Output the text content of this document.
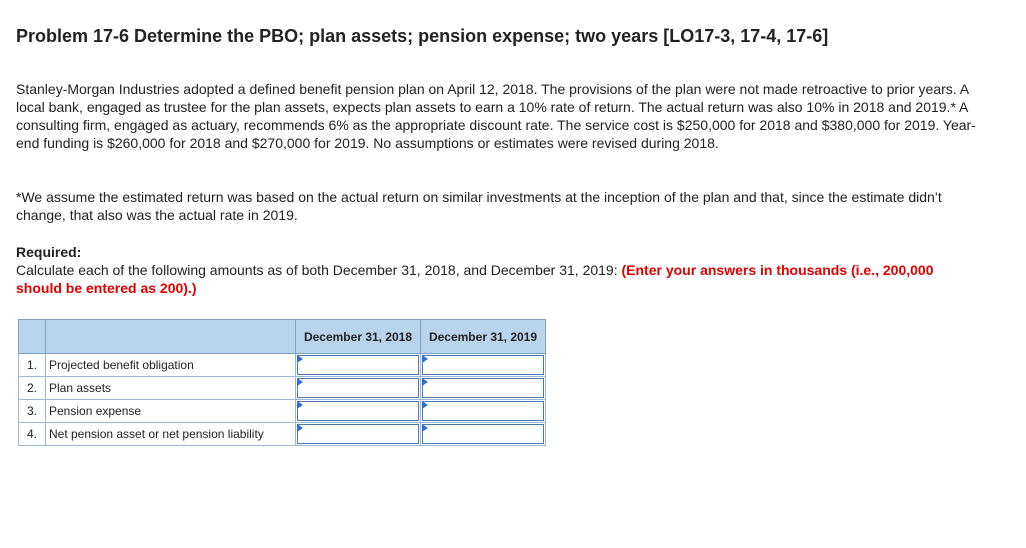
Problem 17-6 Determine the PBO; plan assets; pension expense; two years [LO17-3, 17-4, 17-6]

Stanley-Morgan Industries adopted a defined benefit pension plan on April 12, 2018. The provisions of the plan were not made retroactive to prior years. A local bank, engaged as trustee for the plan assets, expects plan assets to earn a 10% rate of return. The actual return was also 10% in 2018 and 2019.* A consulting firm, engaged as actuary, recommends 6% as the appropriate discount rate. The service cost is $250,000 for 2018 and $380,000 for 2019. Year-end funding is $260,000 for 2018 and $270,000 for 2019. No assumptions or estimates were revised during 2018.

*We assume the estimated return was based on the actual return on similar investments at the inception of the plan and that, since the estimate didn’t change, that also was the actual rate in 2019.

Required:
Calculate each of the following amounts as of both December 31, 2018, and December 31, 2019: (Enter your answers in thousands (i.e., 200,000 should be entered as 200).)
		December 31, 2018	December 31, 2019
1.	Projected benefit obligation	

2.	Plan assets	

3.	Pension expense	

4.	Net pension asset or net pension liability	
